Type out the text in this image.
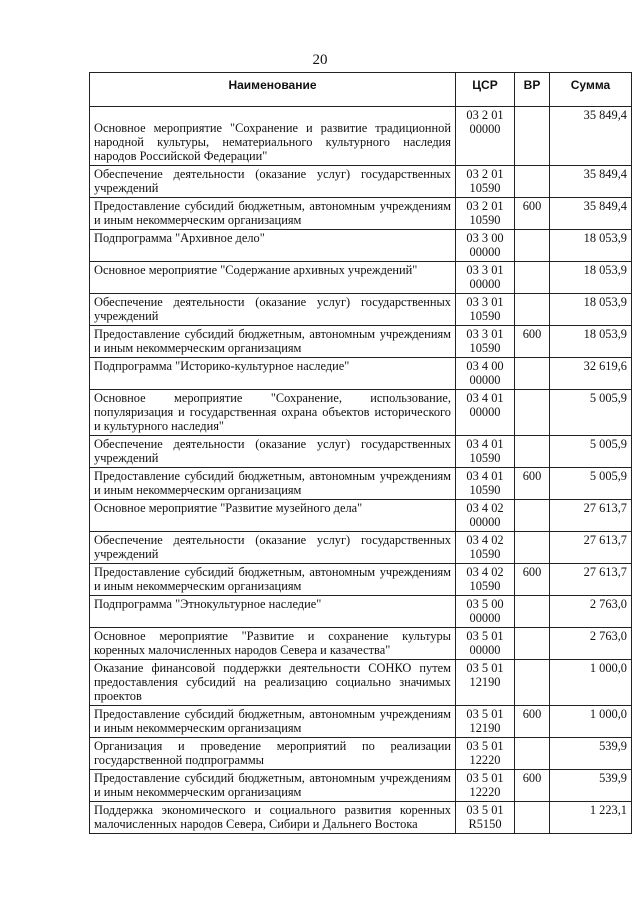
20
Наименование	ЦСР	ВР	Сумма
Основное мероприятие "Сохранение и развитие традиционной народной культуры, нематериального культурного наследия народов Российской Федерации"	03 2 01 00000		35 849,4
Обеспечение деятельности (оказание услуг) государственных учреждений	03 2 01 10590		35 849,4
Предоставление субсидий бюджетным, автономным учреждениям и иным некоммерческим организациям	03 2 01 10590	600	35 849,4
Подпрограмма "Архивное дело"	03 3 00 00000		18 053,9
Основное мероприятие "Содержание архивных учреждений"	03 3 01 00000		18 053,9
Обеспечение деятельности (оказание услуг) государственных учреждений	03 3 01 10590		18 053,9
Предоставление субсидий бюджетным, автономным учреждениям и иным некоммерческим организациям	03 3 01 10590	600	18 053,9
Подпрограмма "Историко-культурное наследие"	03 4 00 00000		32 619,6
Основное мероприятие "Сохранение, использование, популяризация и государственная охрана объектов исторического и культурного наследия"	03 4 01 00000		5 005,9
Обеспечение деятельности (оказание услуг) государственных учреждений	03 4 01 10590		5 005,9
Предоставление субсидий бюджетным, автономным учреждениям и иным некоммерческим организациям	03 4 01 10590	600	5 005,9
Основное мероприятие "Развитие музейного дела"	03 4 02 00000		27 613,7
Обеспечение деятельности (оказание услуг) государственных учреждений	03 4 02 10590		27 613,7
Предоставление субсидий бюджетным, автономным учреждениям и иным некоммерческим организациям	03 4 02 10590	600	27 613,7
Подпрограмма "Этнокультурное наследие"	03 5 00 00000		2 763,0
Основное мероприятие "Развитие и сохранение культуры коренных малочисленных народов Севера и казачества"	03 5 01 00000		2 763,0
Оказание финансовой поддержки деятельности СОНКО путем предоставления субсидий на реализацию социально значимых проектов	03 5 01 12190		1 000,0
Предоставление субсидий бюджетным, автономным учреждениям и иным некоммерческим организациям	03 5 01 12190	600	1 000,0
Организация и проведение мероприятий по реализации государственной подпрограммы	03 5 01 12220		539,9
Предоставление субсидий бюджетным, автономным учреждениям и иным некоммерческим организациям	03 5 01 12220	600	539,9
Поддержка экономического и социального развития коренных малочисленных народов Севера, Сибири и Дальнего Востока	03 5 01 R5150		1 223,1
